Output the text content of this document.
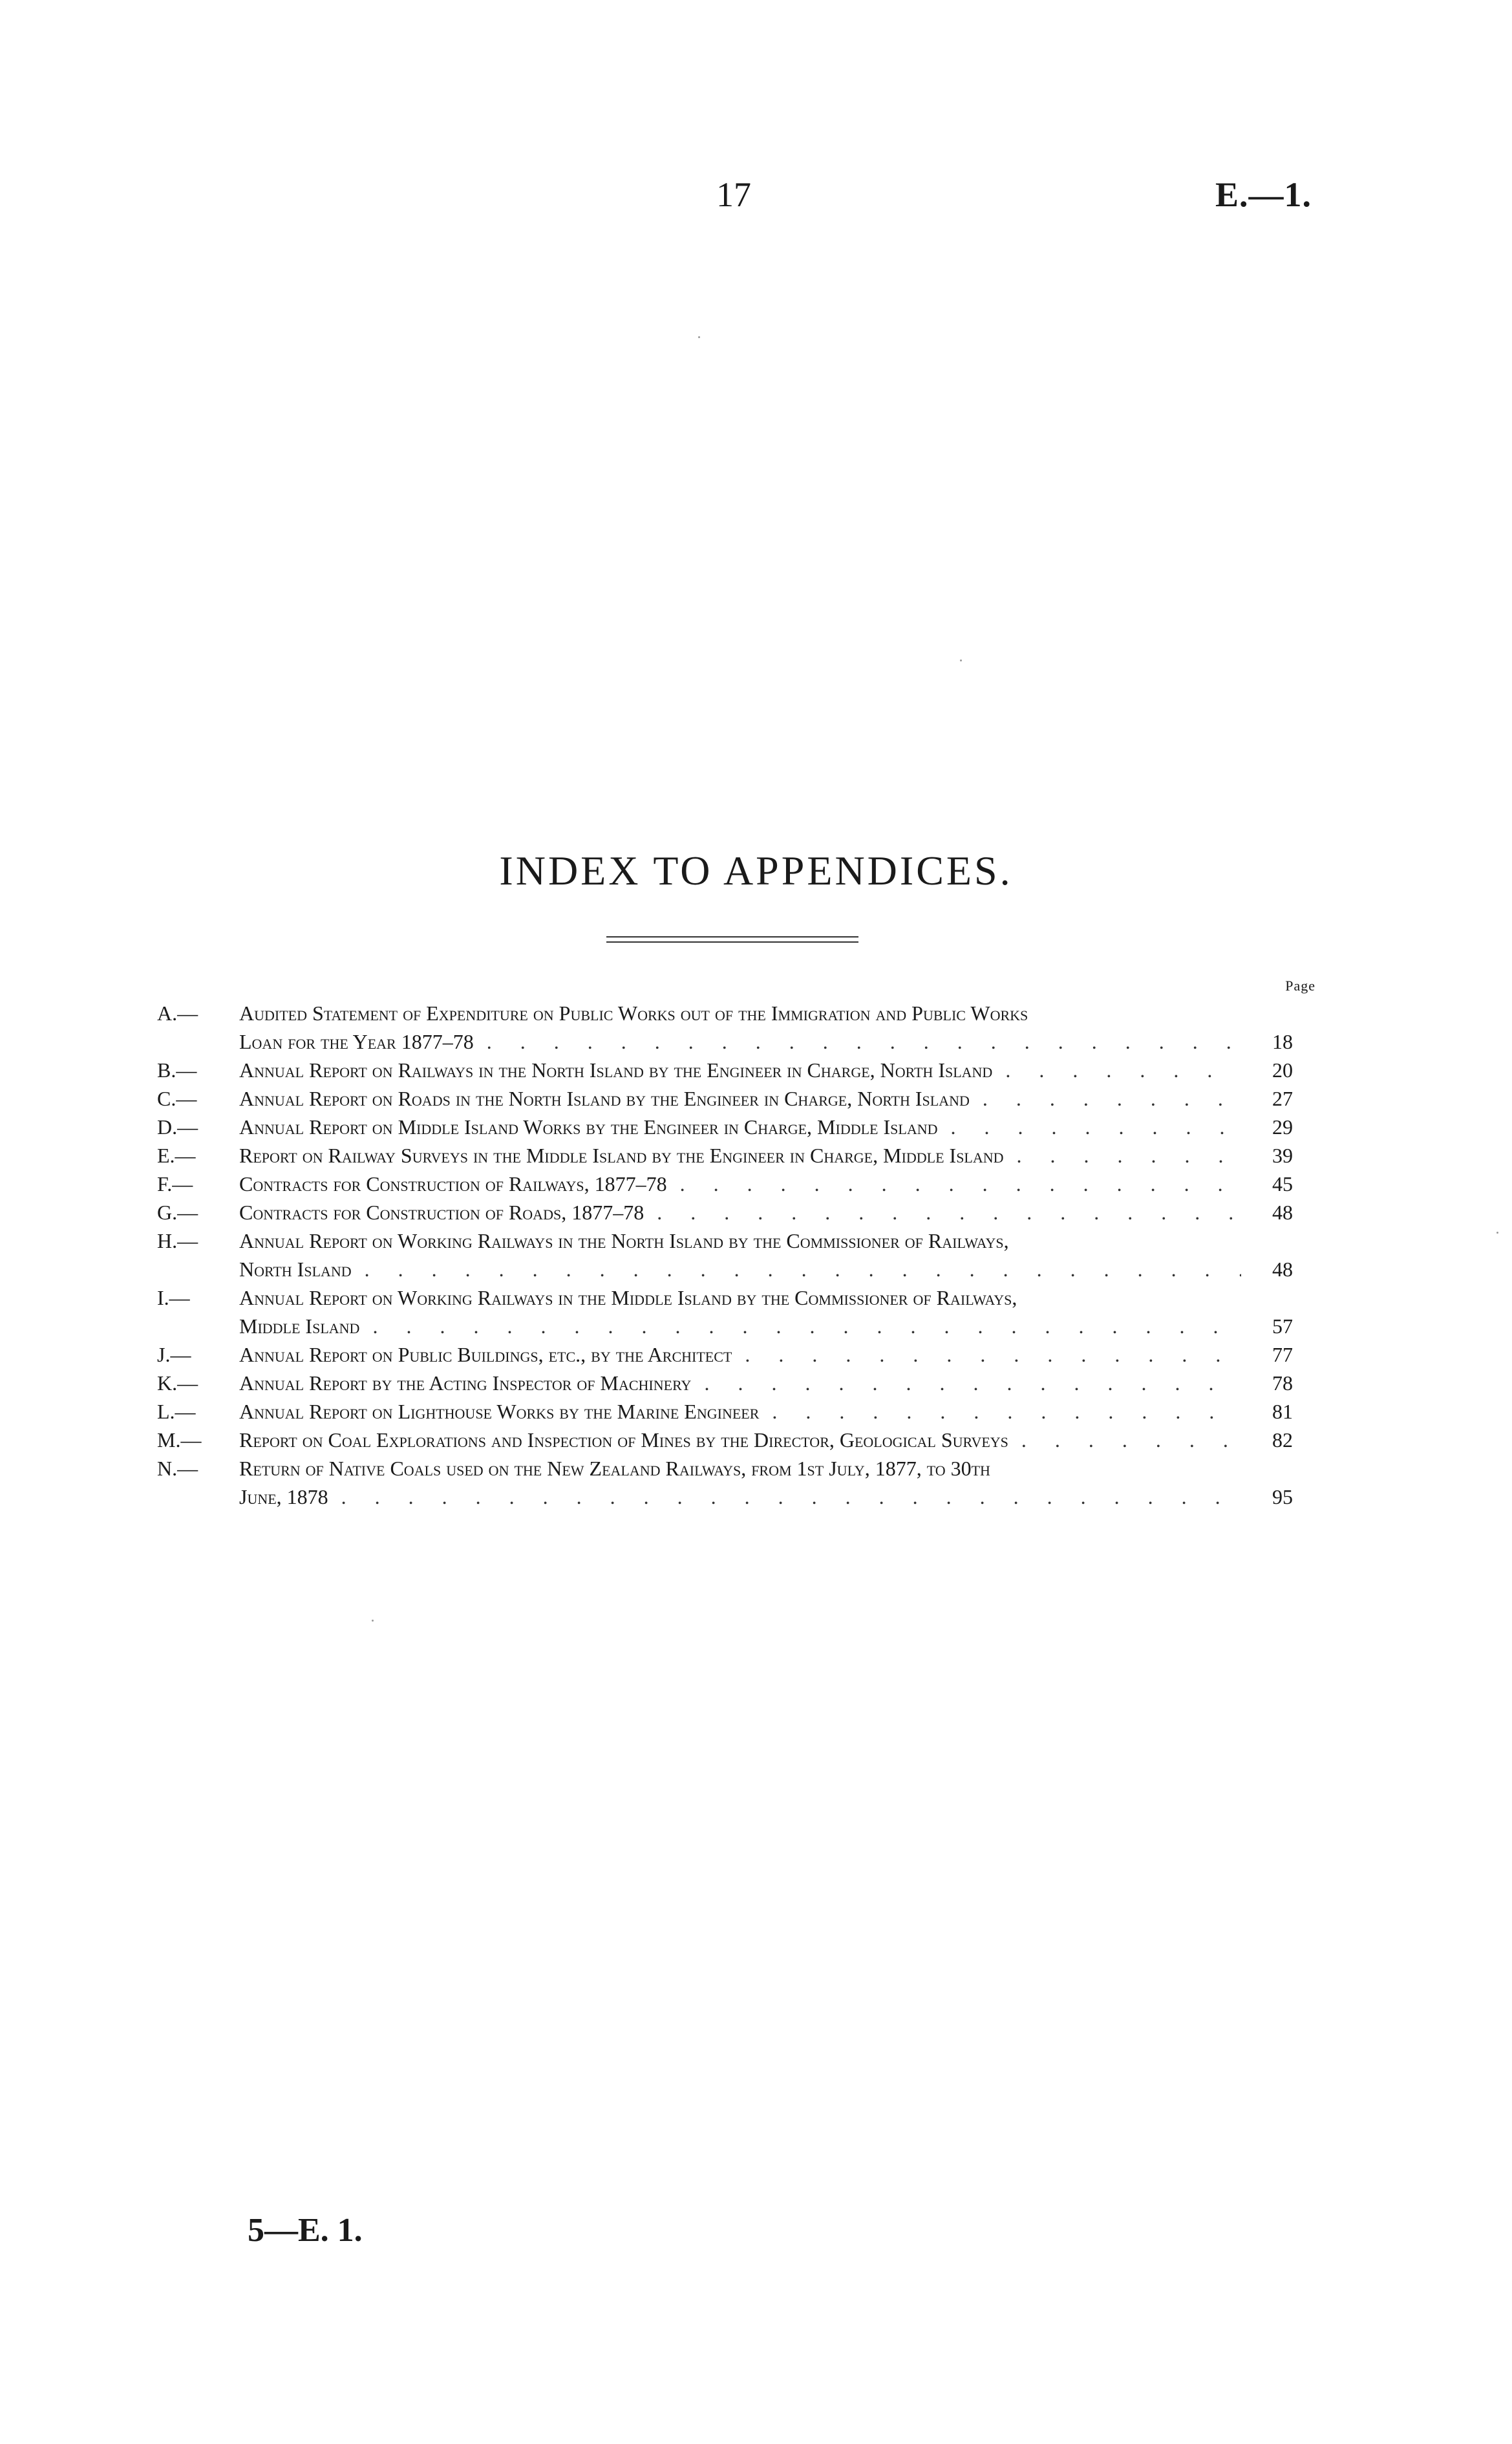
17	E.—1.
INDEX TO APPENDICES.
Page
A.—	Audited Statement of Expenditure on Public Works out of the Immigration and Public Works
Loan for the Year 1877–78 . . .	18
B.—	Annual Report on Railways in the North Island by the Engineer in Charge, North Island . . .	20
C.—	Annual Report on Roads in the North Island by the Engineer in Charge, North Island . . .	27
D.—	Annual Report on Middle Island Works by the Engineer in Charge, Middle Island . . .	29
E.—	Report on Railway Surveys in the Middle Island by the Engineer in Charge, Middle Island . . .	39
F.—	Contracts for Construction of Railways, 1877–78 . . .	45
G.—	Contracts for Construction of Roads, 1877–78 . . .	48
H.—	Annual Report on Working Railways in the North Island by the Commissioner of Railways,
North Island . . .	48
I.—	Annual Report on Working Railways in the Middle Island by the Commissioner of Railways,
Middle Island . . .	57
J.—	Annual Report on Public Buildings, etc., by the Architect . . .	77
K.—	Annual Report by the Acting Inspector of Machinery . . .	78
L.—	Annual Report on Lighthouse Works by the Marine Engineer . . .	81
M.—	Report on Coal Explorations and Inspection of Mines by the Director, Geological Surveys . . .	82
N.—	Return of Native Coals used on the New Zealand Railways, from 1st July, 1877, to 30th
June, 1878 . . .	95
5—E. 1.
